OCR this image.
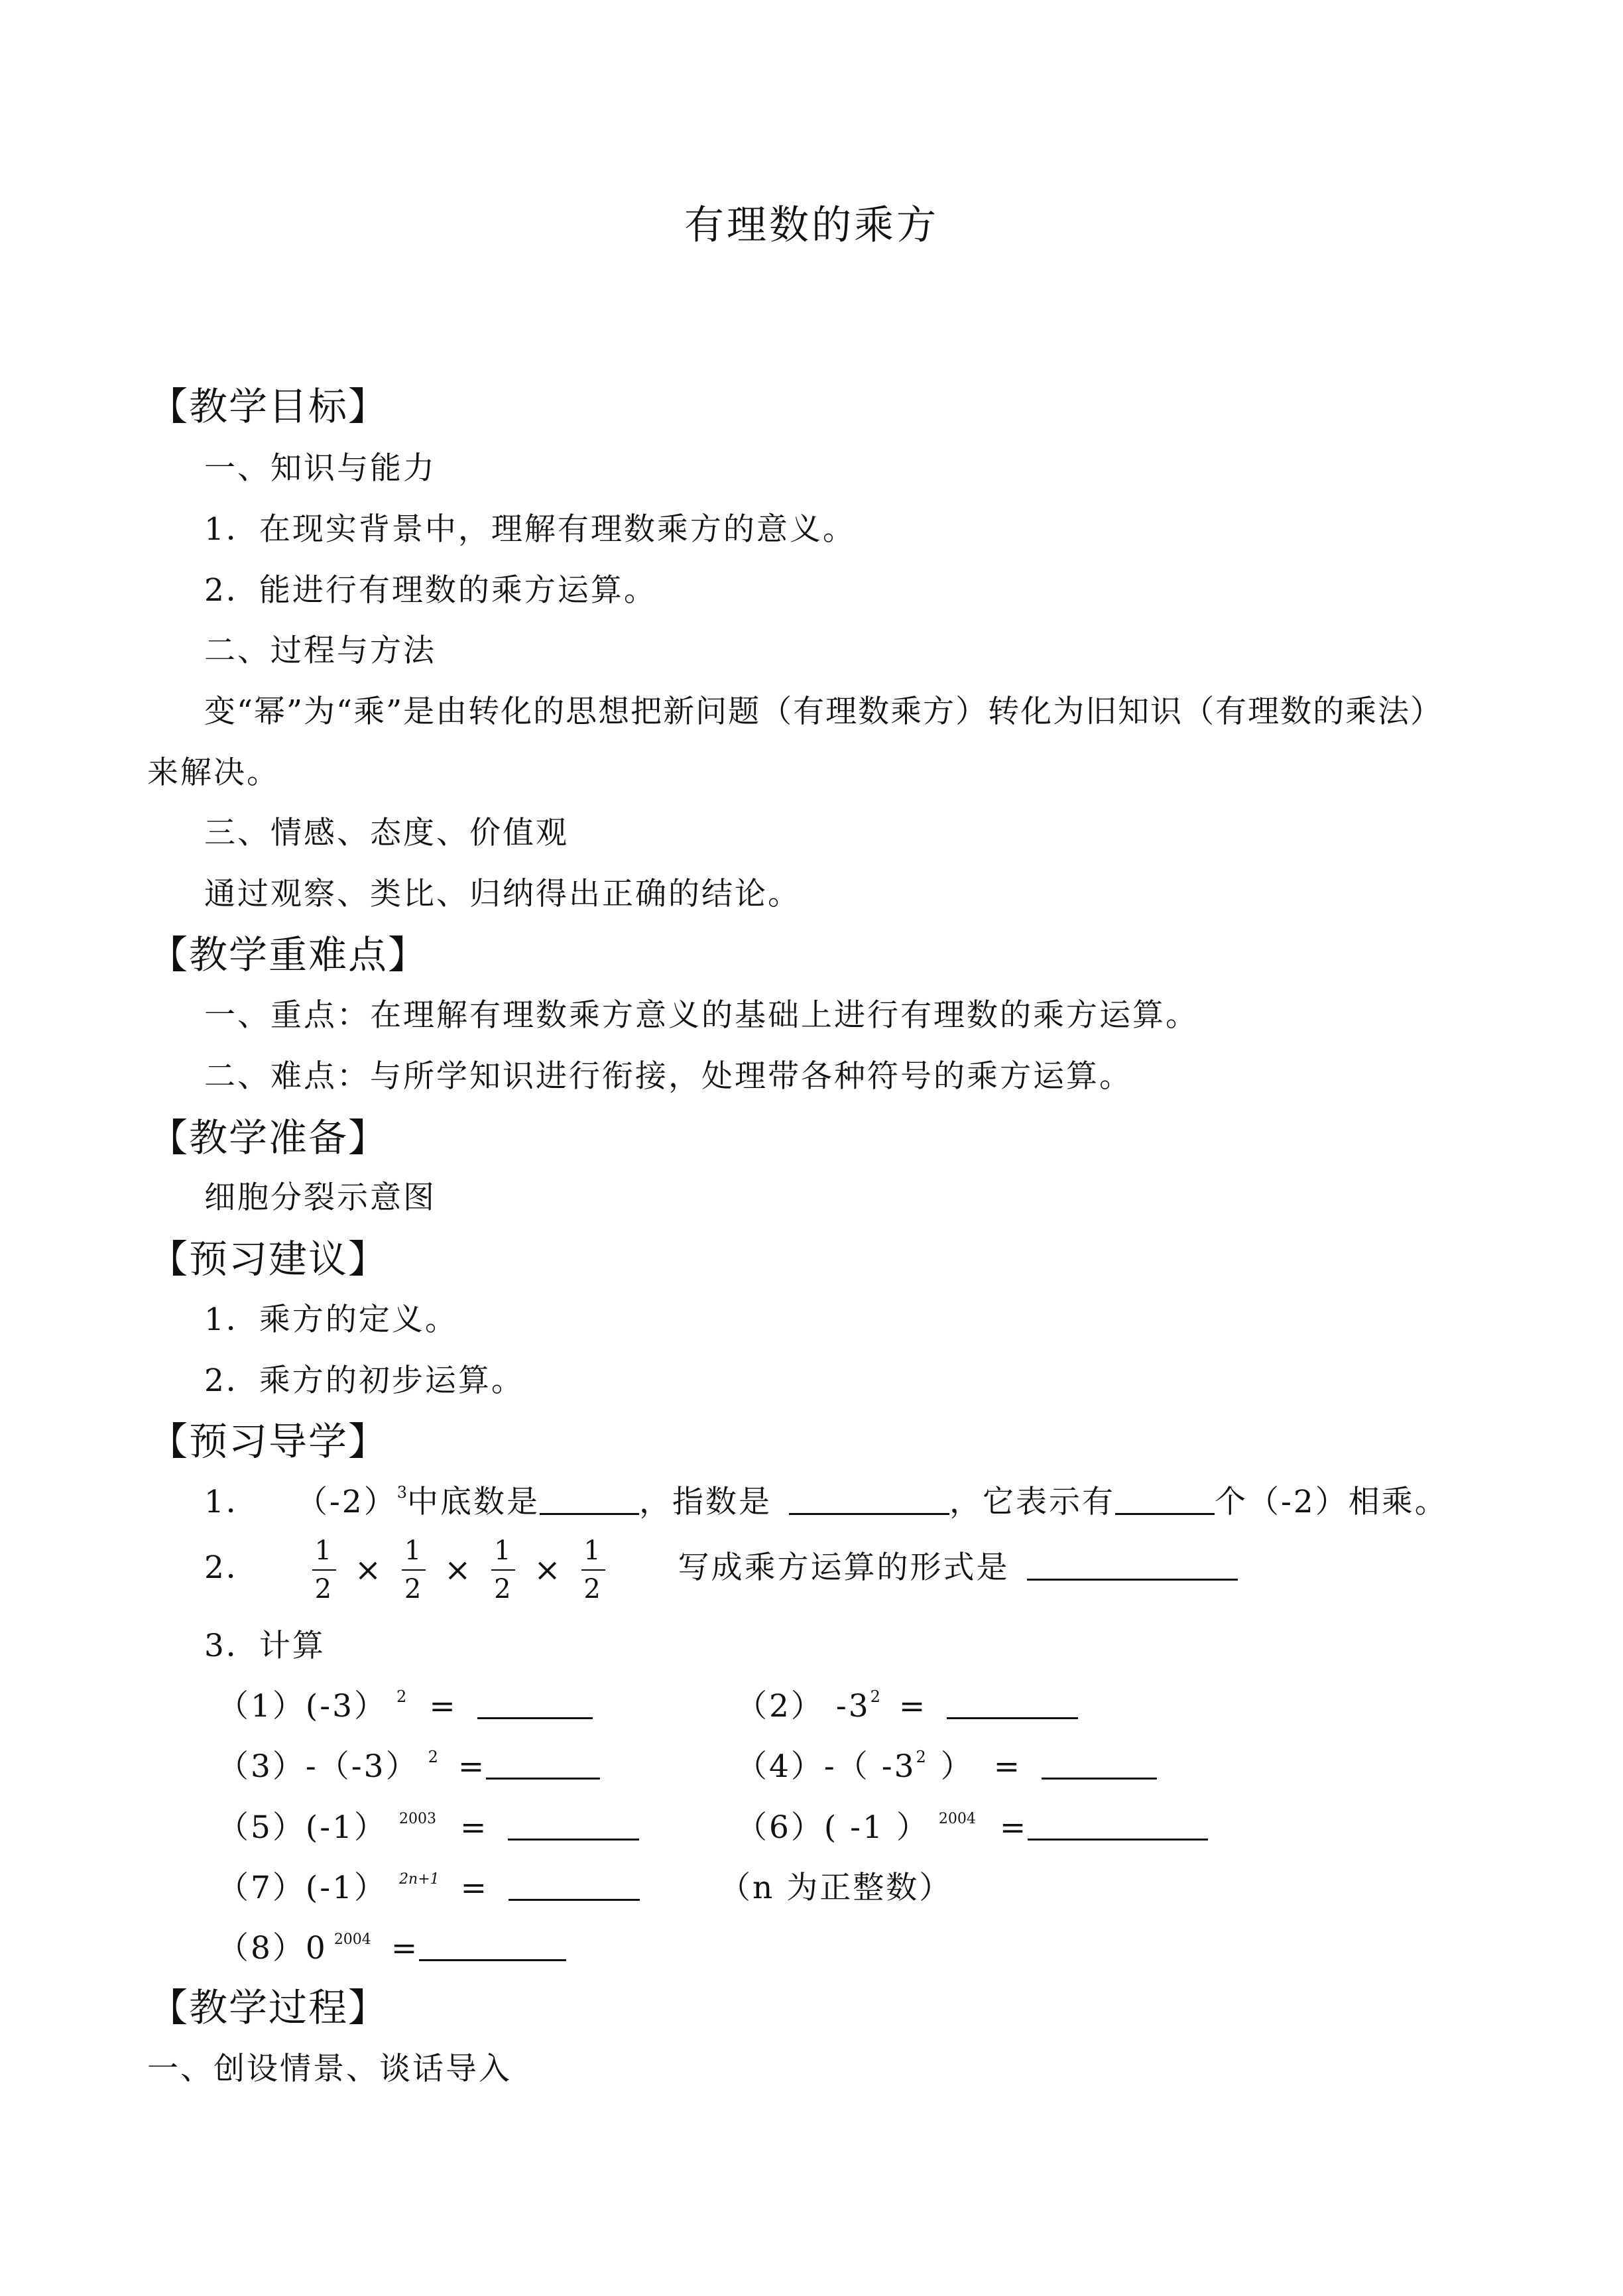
有理数的乘方
【教学目标】
一、知识与能力
1．在现实背景中，理解有理数乘方的意义。
2．能进行有理数的乘方运算。
二、过程与方法
变“幂”为“乘”是由转化的思想把新问题（有理数乘方）转化为旧知识（有理数的乘法）
来解决。
三、情感、态度、价值观
通过观察、类比、归纳得出正确的结论。
【教学重难点】
一、重点：在理解有理数乘方意义的基础上进行有理数的乘方运算。
二、难点：与所学知识进行衔接，处理带各种符号的乘方运算。
【教学准备】
细胞分裂示意图
【预习建议】
1．乘方的定义。
2．乘方的初步运算。
【预习导学】
1． $(-2)^3$中底数是	，指数是	，它表示有	个（-2）相乘。
2． $\frac{1}{2} \times \frac{1}{2} \times \frac{1}{2} \times \frac{1}{2}$ 写成乘方运算的形式是
3．计算
（1）(-3） $^2$ =	（2） $-3^2$ =
（3）-（-3） $^2$ =	（4）-（ $-3^2$ ） =
（5）(-1） $^{2003}$ =	（6）( -1 ） $^{2004}$ =
（7）(-1） $^{2n+1}$ =	（n 为正整数）
（8）0 $^{2004}$ =
【教学过程】
一、创设情景、谈话导入
